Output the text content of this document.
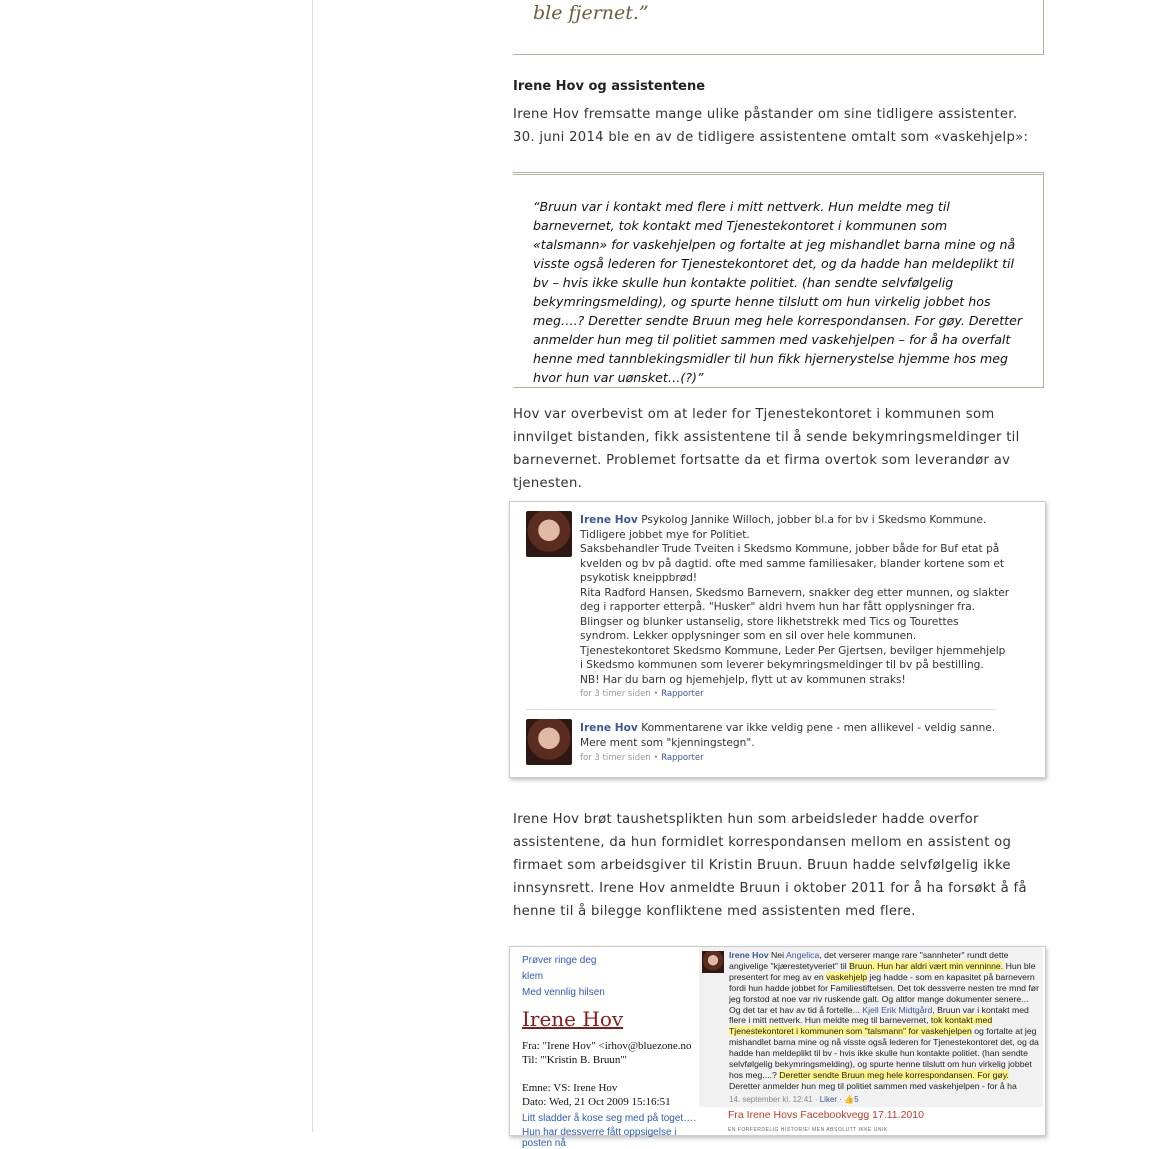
ble fjernet.”

Irene Hov og assistentene
Irene Hov fremsatte mange ulike påstander om sine tidligere assistenter. 30. juni 2014 ble en av de tidligere assistentene omtalt som «vaskehjelp»:

“Bruun var i kontakt med flere i mitt nettverk. Hun meldte meg til barnevernet, tok kontakt med Tjenestekontoret i kommunen som «talsmann» for vaskehjelpen og fortalte at jeg mishandlet barna mine og nå visste også lederen for Tjenestekontoret det, og da hadde han meldeplikt til bv – hvis ikke skulle hun kontakte politiet. (han sendte selvfølgelig bekymringsmelding), og spurte henne tilslutt om hun virkelig jobbet hos meg….? Deretter sendte Bruun meg hele korrespondansen. For gøy. Deretter anmelder hun meg til politiet sammen med vaskehjelpen – for å ha overfalt henne med tannblekingsmidler til hun fikk hjernerystelse hjemme hos meg hvor hun var uønsket…(?)”

Hov var overbevist om at leder for Tjenestekontoret i kommunen som innvilget bistanden, fikk assistentene til å sende bekymringsmeldinger til barnevernet. Problemet fortsatte da et firma overtok som leverandør av tjenesten.
Irene Hov Psykolog Jannike Willoch, jobber bl.a for bv i Skedsmo Kommune.
Tidligere jobbet mye for Politiet.
Saksbehandler Trude Tveiten i Skedsmo Kommune, jobber både for Buf etat på kvelden og bv på dagtid. ofte med samme familiesaker, blander kortene som et psykotisk kneippbrød!
Rita Radford Hansen, Skedsmo Barnevern, snakker deg etter munnen, og slakter deg i rapporter etterpå. "Husker" aldri hvem hun har fått opplysninger fra.
Blingser og blunker ustanselig, store likhetstrekk med Tics og Tourettes syndrom. Lekker opplysninger som en sil over hele kommunen.
Tjenestekontoret Skedsmo Kommune, Leder Per Gjertsen, bevilger hjemmehjelp i Skedsmo kommunen som leverer bekymringsmeldinger til bv på bestilling.
NB! Har du barn og hjemehjelp, flytt ut av kommunen straks!
for 3 timer siden • Rapporter
Irene Hov Kommentarene var ikke veldig pene - men allikevel - veldig sanne.
Mere ment som "kjenningstegn".
for 3 timer siden • Rapporter
Irene Hov brøt taushetsplikten hun som arbeidsleder hadde overfor assistentene, da hun formidlet korrespondansen mellom en assistent og firmaet som arbeidsgiver til Kristin Bruun. Bruun hadde selvfølgelig ikke innsynsrett. Irene Hov anmeldte Bruun i oktober 2011 for å ha forsøkt å få henne til å bilegge konfliktene med assistenten med flere.
Prøver ringe deg
klem
Med vennlig hilsen
Irene Hov
Fra: "Irene Hov" <irhov@bluezone.no
Til: "'Kristin B. Bruun'"
Emne: VS: Irene Hov
Dato: Wed, 21 Oct 2009 15:16:51
Litt sladder å kose seg med på toget….
Hun har dessverre fått oppsigelse i posten nå
Irene Hov Nei Angelica, det verserer mange rare "sannheter" rundt dette angivelige "kjærestetyveriet" til Bruun. Hun har aldri vært min venninne. Hun ble presentert for meg av en vaskehjelp jeg hadde - som en kapasitet på barnevern fordi hun hadde jobbet for Familiestiftelsen. Det tok dessverre nesten tre mnd før jeg forstod at noe var riv ruskende galt. Og altfor mange dokumenter senere... Og det tar et hav av tid å fortelle... Kjell Erik Midtgård, Bruun var i kontakt med flere i mitt nettverk. Hun meldte meg til barnevernet, tok kontakt med Tjenestekontoret i kommunen som "talsmann" for vaskehjelpen og fortalte at jeg mishandlet barna mine og nå visste også lederen for Tjenestekontoret det, og da hadde han meldeplikt til bv - hvis ikke skulle hun kontakte politiet. (han sendte selvfølgelig bekymringsmelding), og spurte henne tilslutt om hun virkelig jobbet hos meg....? Deretter sendte Bruun meg hele korrespondansen. For gøy. Deretter anmelder hun meg til politiet sammen med vaskehjelpen - for å ha
14. september kl. 12:41 · Liker · 👍5
Fra Irene Hovs Facebookvegg 17.11.2010
EN FORFERDELIG HISTORIE! MEN ABSOLUTT IKKE UNIK
